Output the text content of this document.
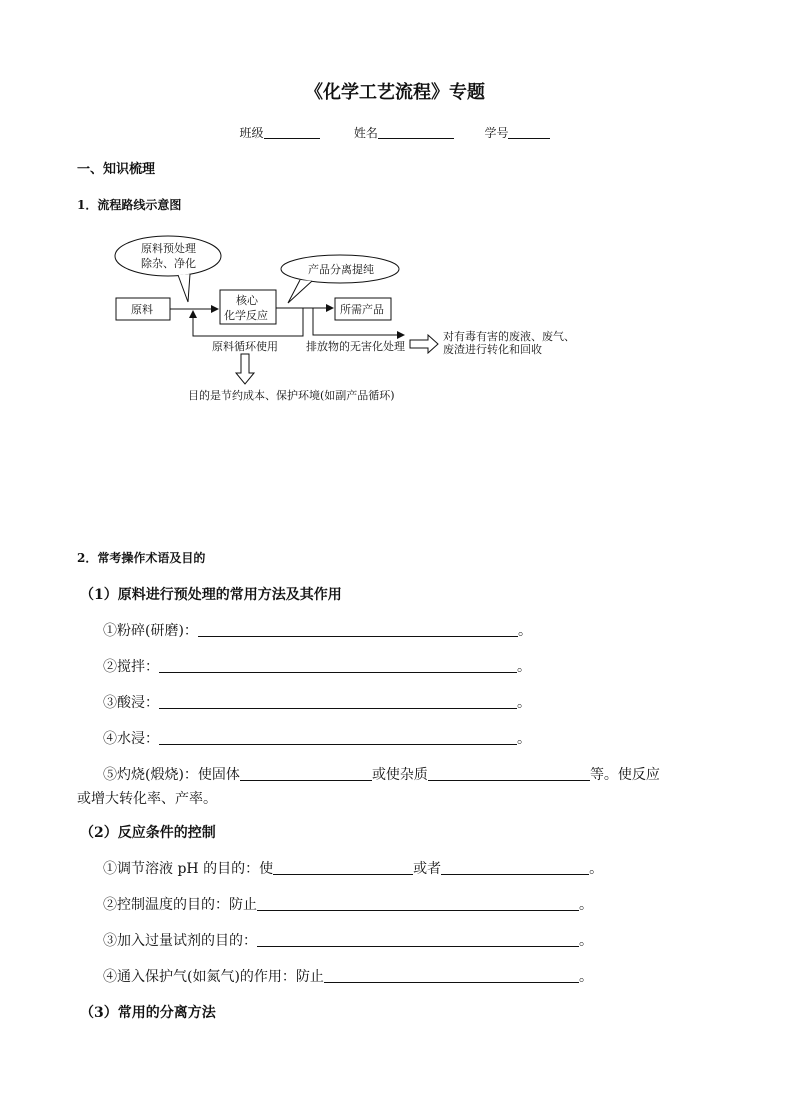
《化学工艺流程》专题
班级	姓名	学号
一、知识梳理
1．流程路线示意图
原料预处理
除杂、净化
原料
核心
化学反应
产品分离提纯
所需产品
原料循环使用	排放物的无害化处理
对有毒有害的废液、废气、
废渣进行转化和回收
目的是节约成本、保护环境(如副产品循环)
2．常考操作术语及目的
（1）原料进行预处理的常用方法及其作用
①粉碎(研磨)：	。
②搅拌：	。
③酸浸：	。
④水浸：	。
⑤灼烧(煅烧)：使固体	或使杂质	等。使反应
或增大转化率、产率。
（2）反应条件的控制
①调节溶液 pH 的目的：使	或者	。
②控制温度的目的：防止	。
③加入过量试剂的目的：	。
④通入保护气(如氮气)的作用：防止	。
（3）常用的分离方法
